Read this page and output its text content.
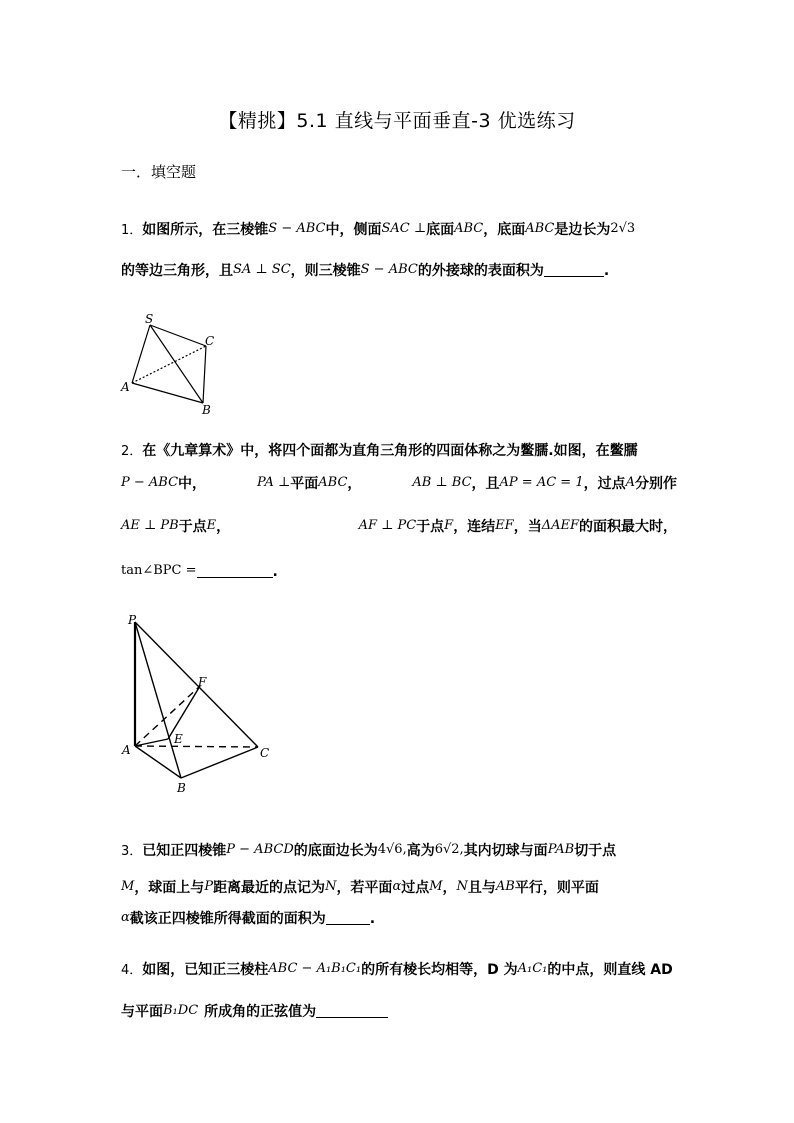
【精挑】5.1 直线与平面垂直-3 优选练习
一．填空题
1．如图所示，在三棱锥S − ABC中，侧面SAC ⊥底面ABC，底面ABC是边长为2√3
的等边三角形，且SA ⊥ SC，则三棱锥S − ABC的外接球的表面积为	.
S
C
A
B
2．在《九章算术》中，将四个面都为直角三角形的四面体称之为鳖臑.如图，在鳖臑
P − ABC中，	PA ⊥平面ABC，	AB ⊥ BC，且AP = AC = 1，过点A分别作
AE ⊥ PB于点E，	AF ⊥ PC于点F，连结EF，当ΔAEF的面积最大时，
tan∠BPC =	.
P
F
E
A	C
B
3．已知正四棱锥P − ABCD的底面边长为4√6,高为6√2,其内切球与面PAB切于点
M，球面上与P距离最近的点记为N，若平面α过点M，N且与AB平行，则平面
α截该正四棱锥所得截面的面积为	.
4．如图，已知正三棱柱ABC − A₁B₁C₁的所有棱长均相等，D 为A₁C₁的中点，则直线 AD
与平面B₁DC 所成角的正弦值为
